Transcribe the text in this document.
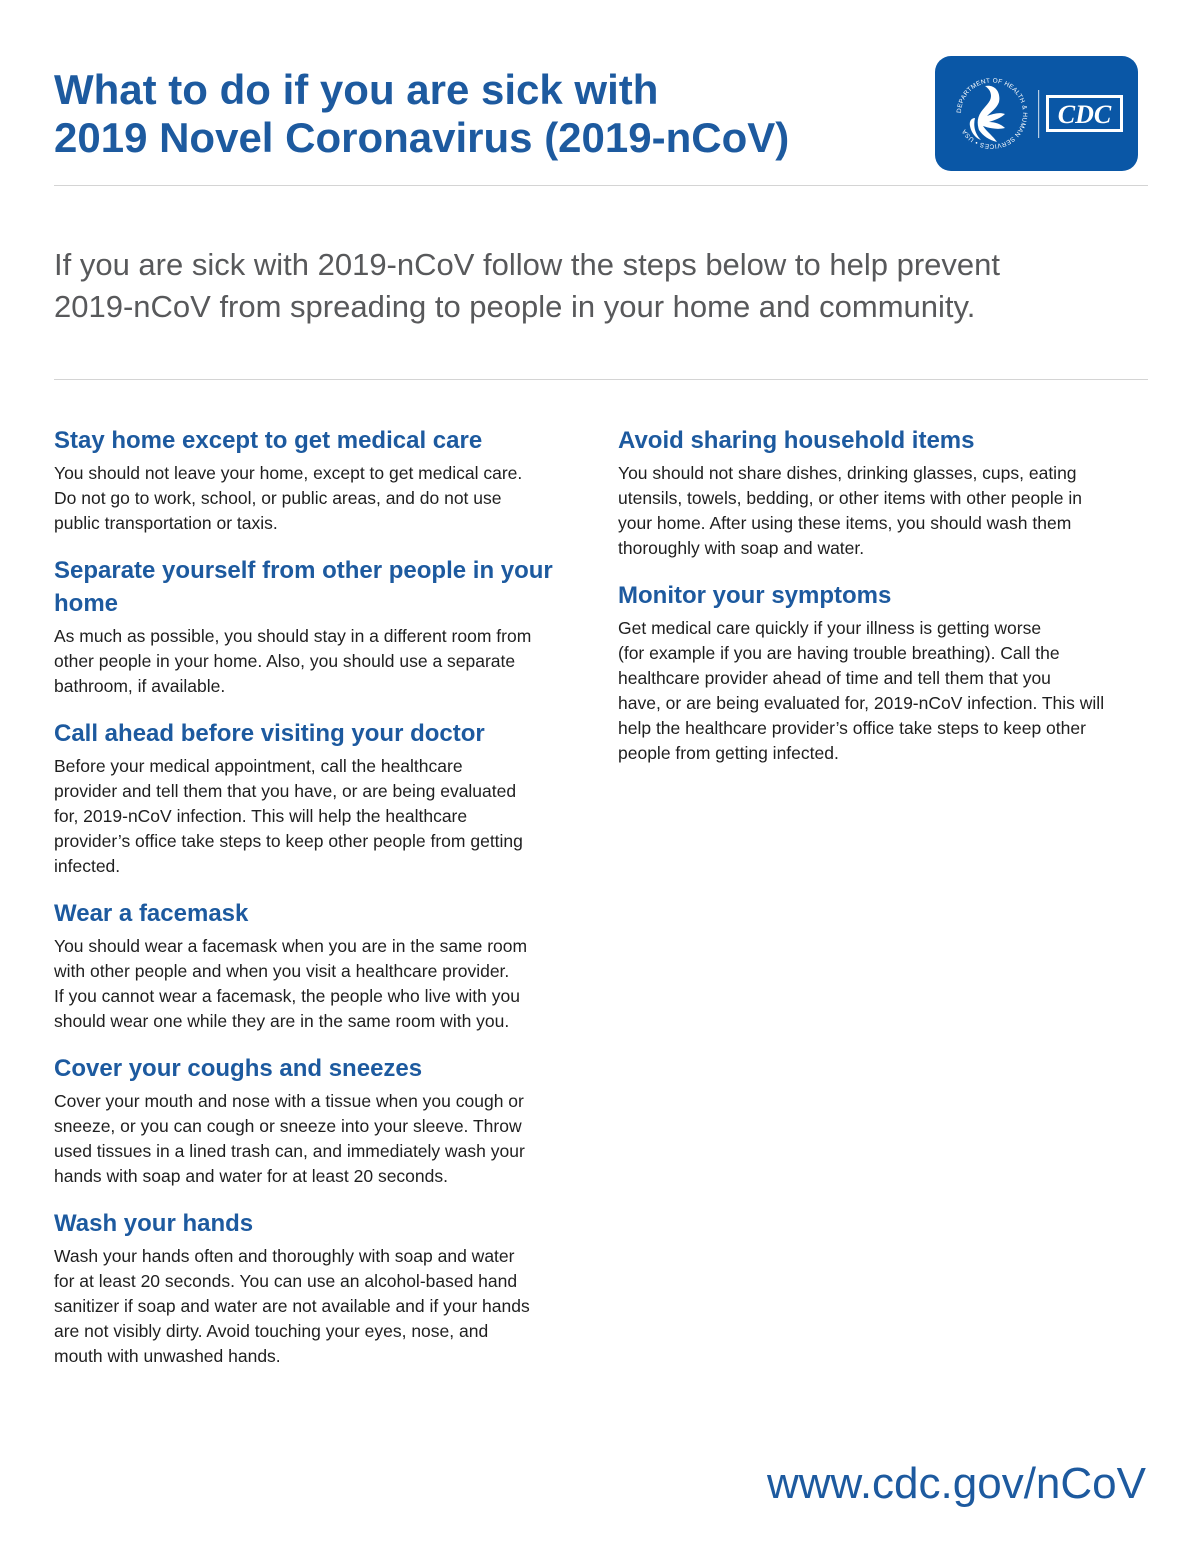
What to do if you are sick with
2019 Novel Coronavirus (2019-nCoV)
DEPARTMENT OF HEALTH & HUMAN SERVICES • USA
CDC

If you are sick with 2019-nCoV follow the steps below to help prevent
2019-nCoV from spreading to people in your home and community.

Stay home except to get medical care

You should not leave your home, except to get medical care.
Do not go to work, school, or public areas, and do not use
public transportation or taxis.

Separate yourself from other people in your
home

As much as possible, you should stay in a different room from
other people in your home. Also, you should use a separate
bathroom, if available.

Call ahead before visiting your doctor

Before your medical appointment, call the healthcare
provider and tell them that you have, or are being evaluated
for, 2019-nCoV infection. This will help the healthcare
provider’s office take steps to keep other people from getting
infected.

Wear a facemask

You should wear a facemask when you are in the same room
with other people and when you visit a healthcare provider.
If you cannot wear a facemask, the people who live with you
should wear one while they are in the same room with you.

Cover your coughs and sneezes

Cover your mouth and nose with a tissue when you cough or
sneeze, or you can cough or sneeze into your sleeve. Throw
used tissues in a lined trash can, and immediately wash your
hands with soap and water for at least 20 seconds.

Wash your hands

Wash your hands often and thoroughly with soap and water
for at least 20 seconds. You can use an alcohol-based hand
sanitizer if soap and water are not available and if your hands
are not visibly dirty. Avoid touching your eyes, nose, and
mouth with unwashed hands.

Avoid sharing household items

You should not share dishes, drinking glasses, cups, eating
utensils, towels, bedding, or other items with other people in
your home. After using these items, you should wash them
thoroughly with soap and water.

Monitor your symptoms

Get medical care quickly if your illness is getting worse
(for example if you are having trouble breathing). Call the
healthcare provider ahead of time and tell them that you
have, or are being evaluated for, 2019-nCoV infection. This will
help the healthcare provider’s office take steps to keep other
people from getting infected.

www.cdc.gov/nCoV
